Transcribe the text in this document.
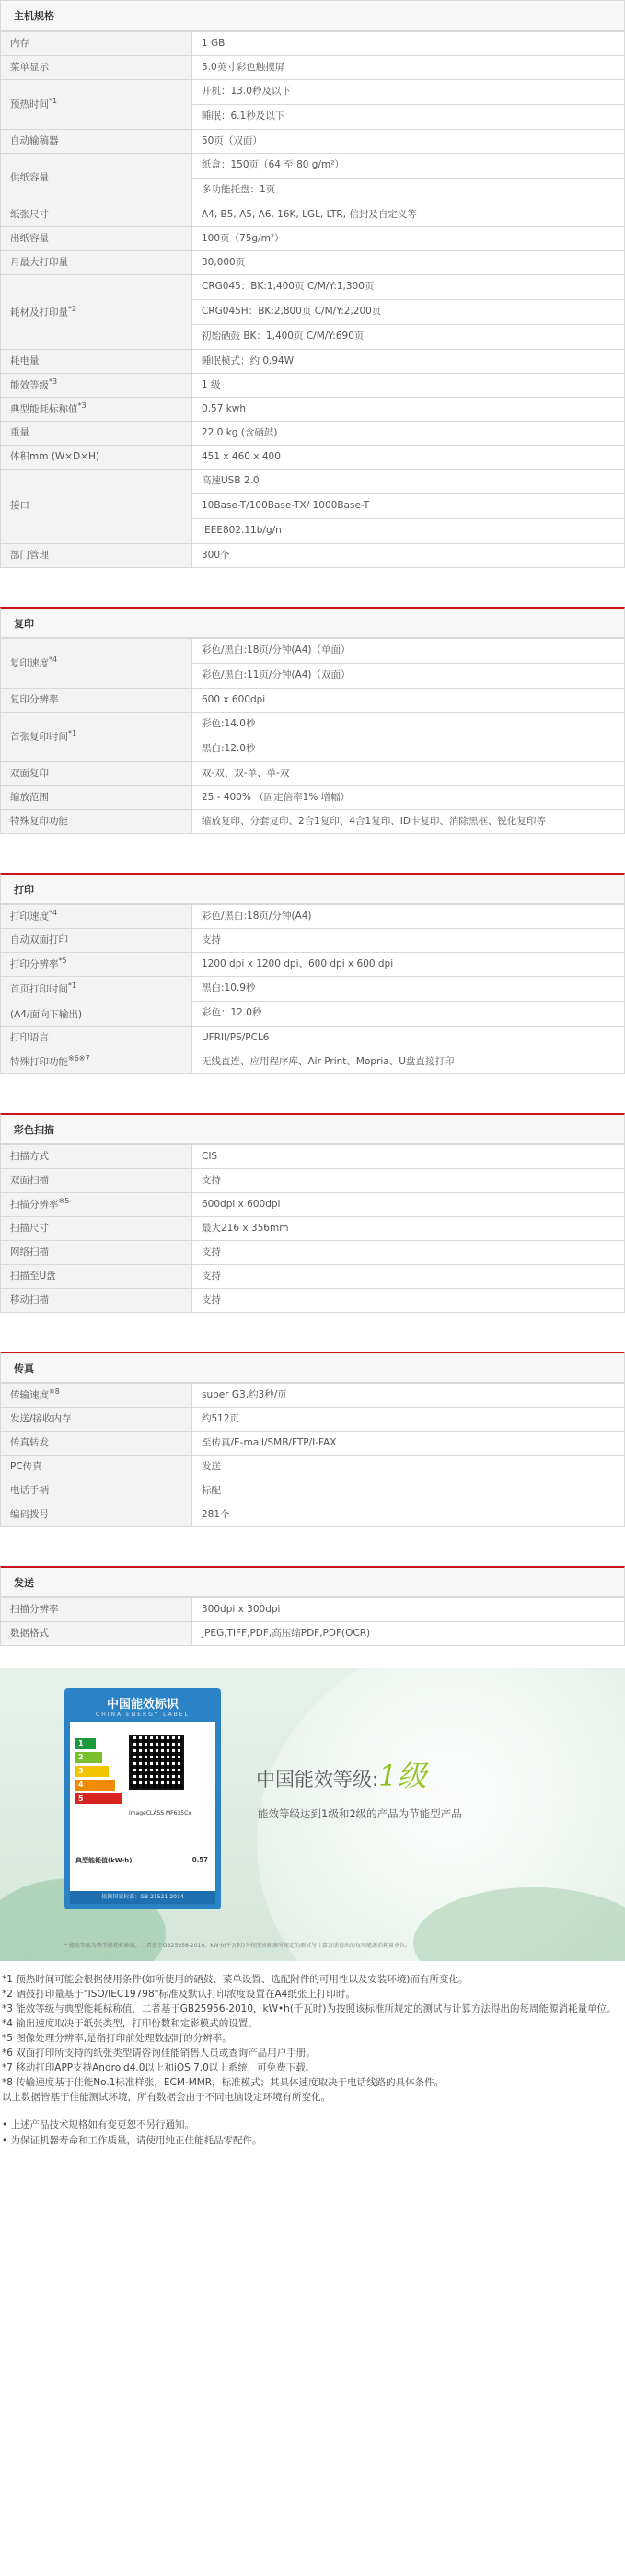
主机规格
内存	1 GB
菜单显示	5.0英寸彩色触摸屏
预热时间$^{*1}$	开机：13.0秒及以下
	睡眠：6.1秒及以下
自动输稿器	50页（双面）
供纸容量	纸盒：150页（64 至 80 g/m²）
	多功能托盘：1页
纸张尺寸	A4, B5, A5, A6, 16K, LGL, LTR, 信封及自定义等
出纸容量	100页（75g/m²）
月最大打印量	30,000页
耗材及打印量$^{*2}$	CRG045：BK:1,400页 C/M/Y:1,300页
	CRG045H：BK:2,800页 C/M/Y:2,200页
	初始硒鼓 BK：1,400页 C/M/Y:690页
耗电量	睡眠模式：约 0.94W
能效等级$^{*3}$	1 级
典型能耗标称值$^{*3}$	0.57 kwh
重量	22.0 kg (含硒鼓)
体积mm (W×D×H)	451 x 460 x 400
接口	高速USB 2.0
	10Base-T/100Base-TX/ 1000Base-T
	IEEE802.11b/g/n
部门管理	300个
复印
复印速度$^{*4}$	彩色/黑白:18页/分钟(A4)（单面）
	彩色/黑白:11页/分钟(A4)（双面）
复印分辨率	600 x 600dpi
首张复印时间$^{*1}$	彩色:14.0秒
	黑白:12.0秒
双面复印	双-双、双-单、单-双
缩放范围	25 - 400% （固定倍率1% 增幅）
特殊复印功能	缩放复印、分套复印、2合1复印、4合1复印、ID卡复印、消除黑框、锐化复印等
打印
打印速度$^{*4}$	彩色/黑白:18页/分钟(A4)
自动双面打印	支持
打印分辨率$^{*5}$	1200 dpi x 1200 dpi、600 dpi x 600 dpi
首页打印时间$^{*1}$
(A4/面向下输出)	黑白:10.9秒
	彩色：12.0秒
打印语言	UFRII/PS/PCL6
特殊打印功能$^{※6※7}$	无线直连、应用程序库、Air Print、Mopria、U盘直接打印
彩色扫描
扫描方式	CIS
双面扫描	支持
扫描分辨率$^{※5}$	600dpi x 600dpi
扫描尺寸	最大216 x 356mm
网络扫描	支持
扫描至U盘	支持
移动扫描	支持
传真
传输速度$^{※8}$	super G3,约3秒/页
发送/接收内存	约512页
传真转发	至传真/E-mail/SMB/FTP/I-FAX
PC传真	发送
电话手柄	标配
编码拨号	281个
发送
扫描分辨率	300dpi x 300dpi
数据格式	JPEG,TIFF,PDF,高压缩PDF,PDF(OCR)
中国能效标识
CHINA ENERGY LABEL
1
2
3
4
5
imageCLASS MF635Cx
典型能耗值(kW·h)	0.57
依据国家标准：GB 21521-2014
中国能效等级:1级
能效等级达到1级和2级的产品为节能型产品
* 能效等级为典型能耗标称值，二者基于GB25956-2010。kW·h(千瓦时)为按照该标准所规定的测试与计算方法得出的每周能源消耗量单位。

*1 预热时间可能会根据使用条件(如所使用的硒鼓、菜单设置、选配附件的可用性以及安装环境)而有所变化。

*2 硒鼓打印量基于"ISO/IEC19798"标准及默认打印浓度设置在A4纸张上打印时。

*3 能效等级与典型能耗标称值，二者基于GB25956-2010，kW•h(千瓦时)为按照该标准所规定的测试与计算方法得出的每周能源消耗量单位。

*4 输出速度取决于纸张类型，打印份数和定影模式的设置。

*5 图像处理分辨率,是指打印前处理数据时的分辨率。

*6 双面打印所支持的纸张类型请咨询佳能销售人员或查询产品用户手册。

*7 移动打印APP支持Android4.0以上和iOS 7.0以上系统，可免费下载。

*8 传输速度基于佳能No.1标准样张，ECM-MMR，标准模式；其具体速度取决于电话线路的具体条件。

以上数据皆基于佳能测试环境，所有数据会由于不同电脑设定环境有所变化。

• 上述产品技术规格如有变更恕不另行通知。

• 为保证机器寿命和工作质量，请使用纯正佳能耗品零配件。
